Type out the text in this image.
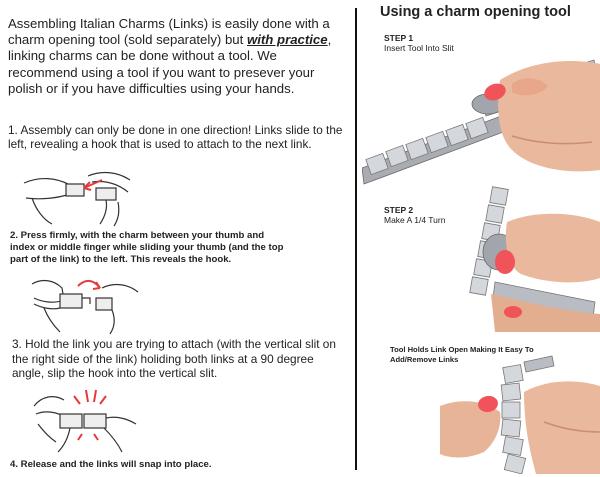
Assembling Italian Charms (Links) is easily done with a charm opening tool (sold separately) but with practice, linking charms can be done without a tool. We recommend using a tool if you want to presever your polish or if you have difficulties using your hands.
1. Assembly can only be done in one direction! Links slide to the left, revealing a hook that is used to attach to the next link.
2. Press firmly, with the charm between your thumb and index or middle finger while sliding your thumb (and the top part of the link) to the left. This reveals the hook.
3. Hold the link you are trying to attach (with the vertical slit on the right side of the link) holiding both links at a 90 degree angle, slip the hook into the vertical slit.
4. Release and the links will snap into place.
Using a charm opening tool
STEP 1
Insert Tool Into Slit
STEP 2
Make A 1/4 Turn
Tool Holds Link Open Making It Easy To Add/Remove Links
